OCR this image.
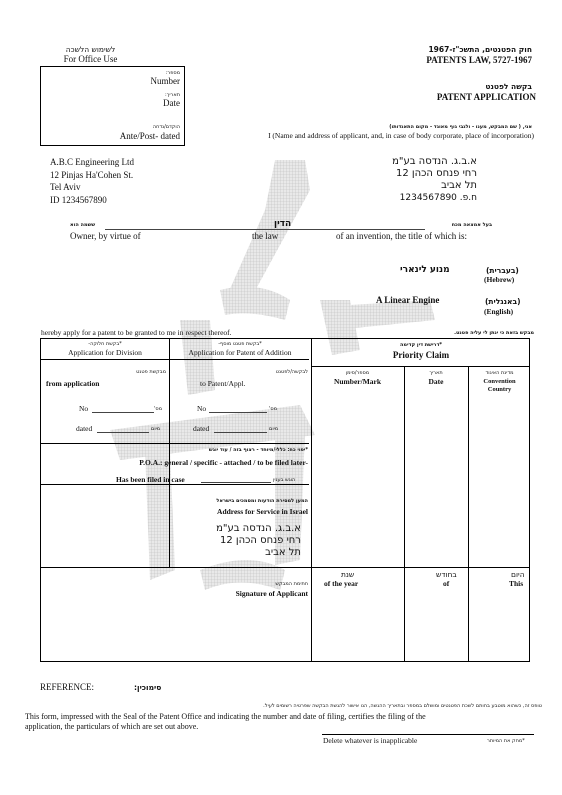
לשימוש הלשכה
For Office Use
מספר:
Number
תאריך:
Date
הוקדם/נדחה
Ante/Post- dated
חוק הפטנטים, התשכ"ז-1967
PATENTS LAW, 5727-1967
בקשה לפטנט
PATENT APPLICATION
אני, ( שם המבקש, מענו - ולגבי גוף מאוגד - מקום התאגדותו)
I (Name and address of applicant, and, in case of body corporate, place of incorporation)
A.B.C Engineering Ltd
12 Pinjas Ha'Cohen St.
Tel Aviv
ID 1234567890
א.ב.ג. הנדסה בע"מ
רחי פנחס הכהן 12
תל אביב
ח.פ. 1234567890
ששמה הוא	הדין	בעל אמצאה מכח
Owner, by virtue of	the law	of an invention, the title of which is:
מנוע לינארי	(בעברית)
(Hebrew)
A Linear Engine	(באנגלית)
(English)
hereby apply for a patent to be granted to me in respect thereof.	מבקש בזאת כי ינתן לי עליה פטנט.
*בקשת חלוקה-
Application for Division
*בקשת פטנט מוסף-
Application for Patent of Addition
*דרישת דין קדימה
Priority Claim
מבקשת פטנט
from application
No	מס'
dated	מיום
לבקשה/לפטנט
to Patent/Appl.
No	מס'
dated	מיום
מספר/סימן
Number/Mark
תאריך
Date
מדינת האיגוד
Convention
Country
*יפוי כח: כללי/מיוחד - רצוף בזה / עוד יוגש
P.O.A.: general / specific - attached / to be filed later-
Has been filed in case	הוגש בענין
המען למסירת הודעות ומסמכים בישראל
Address for Service in Israel
א.ב.ג. הנדסה בע"מ
רחי פנחס הכהן 12
תל אביב
חתימת המבקש
Signature of Applicant
שנת
of the year
בחודש
of
היום
This
REFERENCE:	סימוכין:
טופס זה, כשהוא מוטבע בחותם לשכת הפטנטים ומושלם במספר ובתאריך ההגשה, הנו אישור להגשת הבקשה שפרטיה רשומים לעיל.
This form, impressed with the Seal of the Patent Office and indicating the number and date of filing, certifies the filing of the
application, the particulars of which are set out above.
Delete whatever is inapplicable	*מחק את המיותר
